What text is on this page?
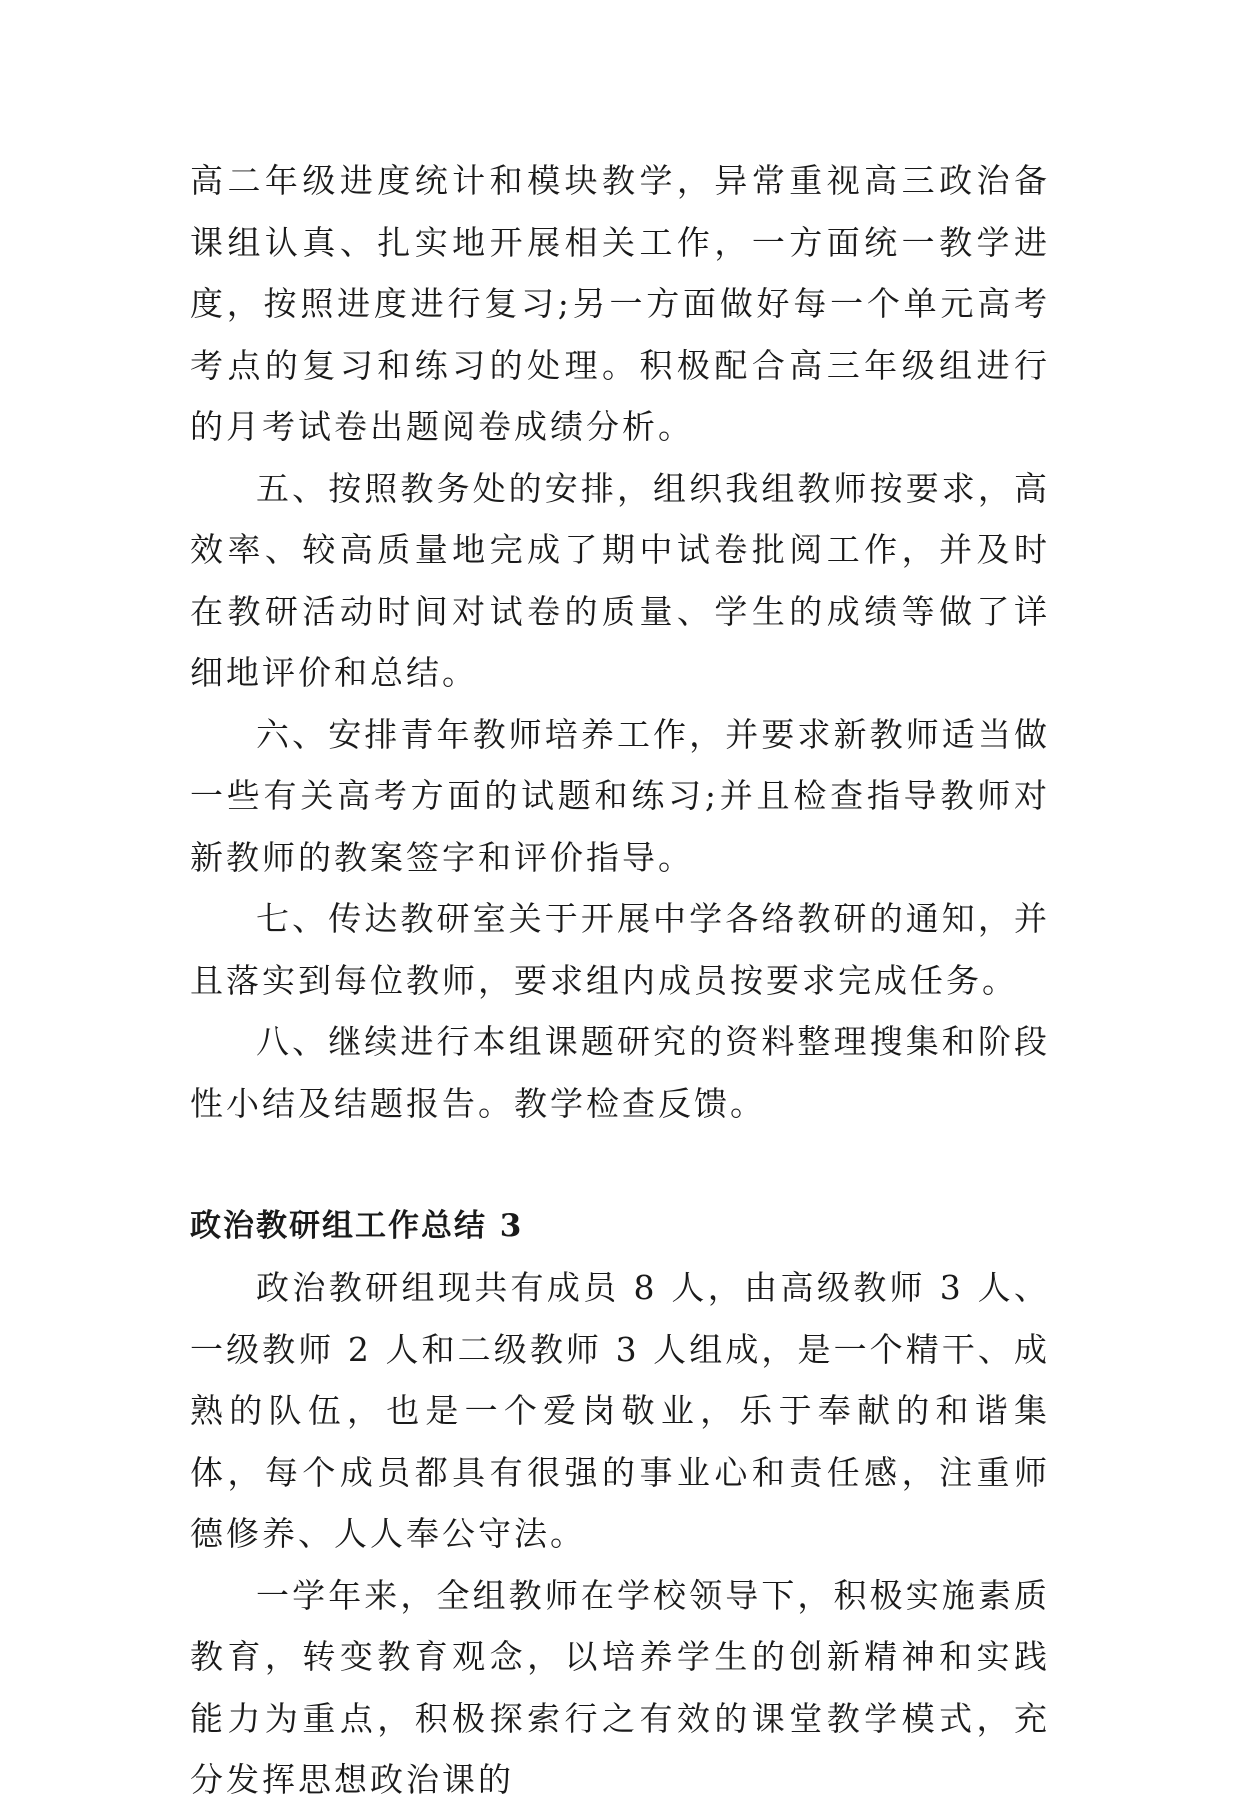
高二年级进度统计和模块教学，异常重视高三政治备课组认真、扎实地开展相关工作，一方面统一教学进度，按照进度进行复习;另一方面做好每一个单元高考考点的复习和练习的处理。积极配合高三年级组进行的月考试卷出题阅卷成绩分析。

五、按照教务处的安排，组织我组教师按要求，高效率、较高质量地完成了期中试卷批阅工作，并及时在教研活动时间对试卷的质量、学生的成绩等做了详细地评价和总结。

六、安排青年教师培养工作，并要求新教师适当做一些有关高考方面的试题和练习;并且检查指导教师对新教师的教案签字和评价指导。

七、传达教研室关于开展中学各络教研的通知，并且落实到每位教师，要求组内成员按要求完成任务。

八、继续进行本组课题研究的资料整理搜集和阶段性小结及结题报告。教学检查反馈。

政治教研组工作总结 3

政治教研组现共有成员 8 人，由高级教师 3 人、一级教师 2 人和二级教师 3 人组成，是一个精干、成熟的队伍，也是一个爱岗敬业，乐于奉献的和谐集体，每个成员都具有很强的事业心和责任感，注重师德修养、人人奉公守法。

一学年来，全组教师在学校领导下，积极实施素质教育，转变教育观念，以培养学生的创新精神和实践能力为重点，积极探索行之有效的课堂教学模式，充分发挥思想政治课的
